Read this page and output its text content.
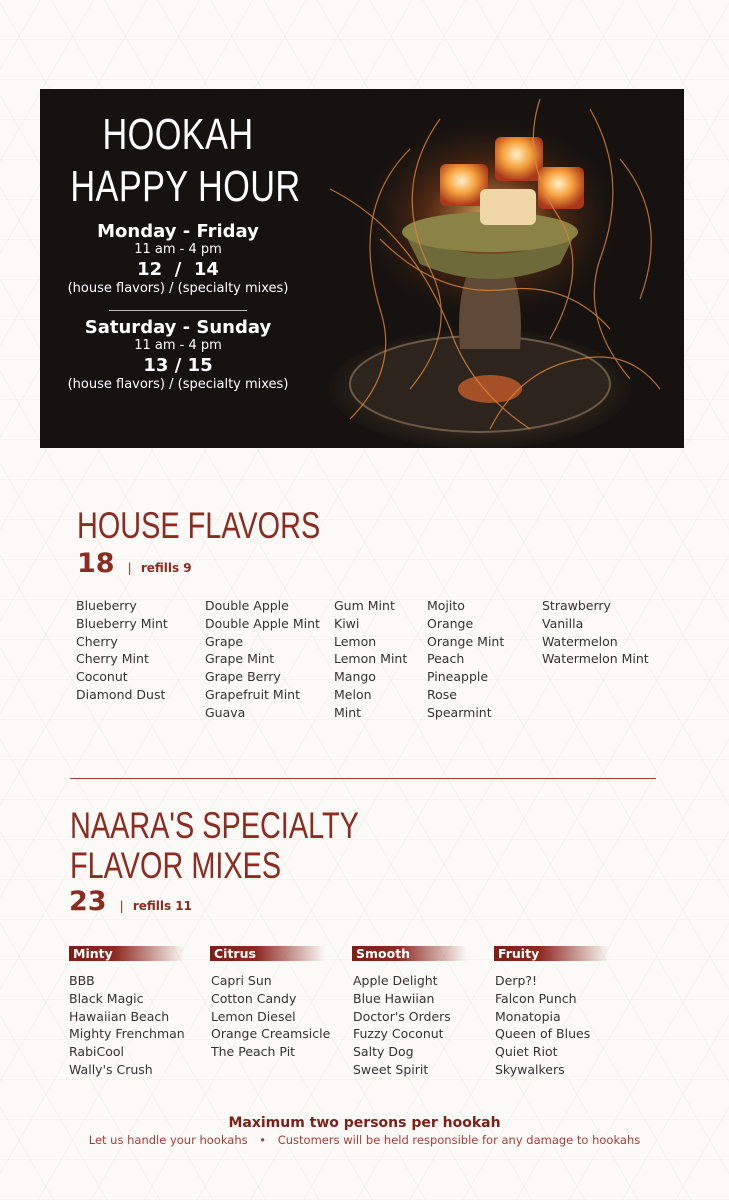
HOOKAH
HAPPY HOUR
Monday - Friday
11 am - 4 pm
12  /  14
(house flavors) / (specialty mixes)
Saturday - Sunday
11 am - 4 pm
13 / 15
(house flavors) / (specialty mixes)
HOUSE FLAVORS
18 | refills 9
Blueberry
Blueberry Mint
Cherry
Cherry Mint
Coconut
Diamond Dust
Double Apple
Double Apple Mint
Grape
Grape Mint
Grape Berry
Grapefruit Mint
Guava
Gum Mint
Kiwi
Lemon
Lemon Mint
Mango
Melon
Mint
Mojito
Orange
Orange Mint
Peach
Pineapple
Rose
Spearmint
Strawberry
Vanilla
Watermelon
Watermelon Mint
NAARA'S SPECIALTY
FLAVOR MIXES
23 | refills 11
Minty
BBB
Black Magic
Hawaiian Beach
Mighty Frenchman
RabiCool
Wally's Crush
Citrus
Capri Sun
Cotton Candy
Lemon Diesel
Orange Creamsicle
The Peach Pit
Smooth
Apple Delight
Blue Hawiian
Doctor's Orders
Fuzzy Coconut
Salty Dog
Sweet Spirit
Fruity
Derp?!
Falcon Punch
Monatopia
Queen of Blues
Quiet Riot
Skywalkers
Maximum two persons per hookah
Let us handle your hookahs • Customers will be held responsible for any damage to hookahs
